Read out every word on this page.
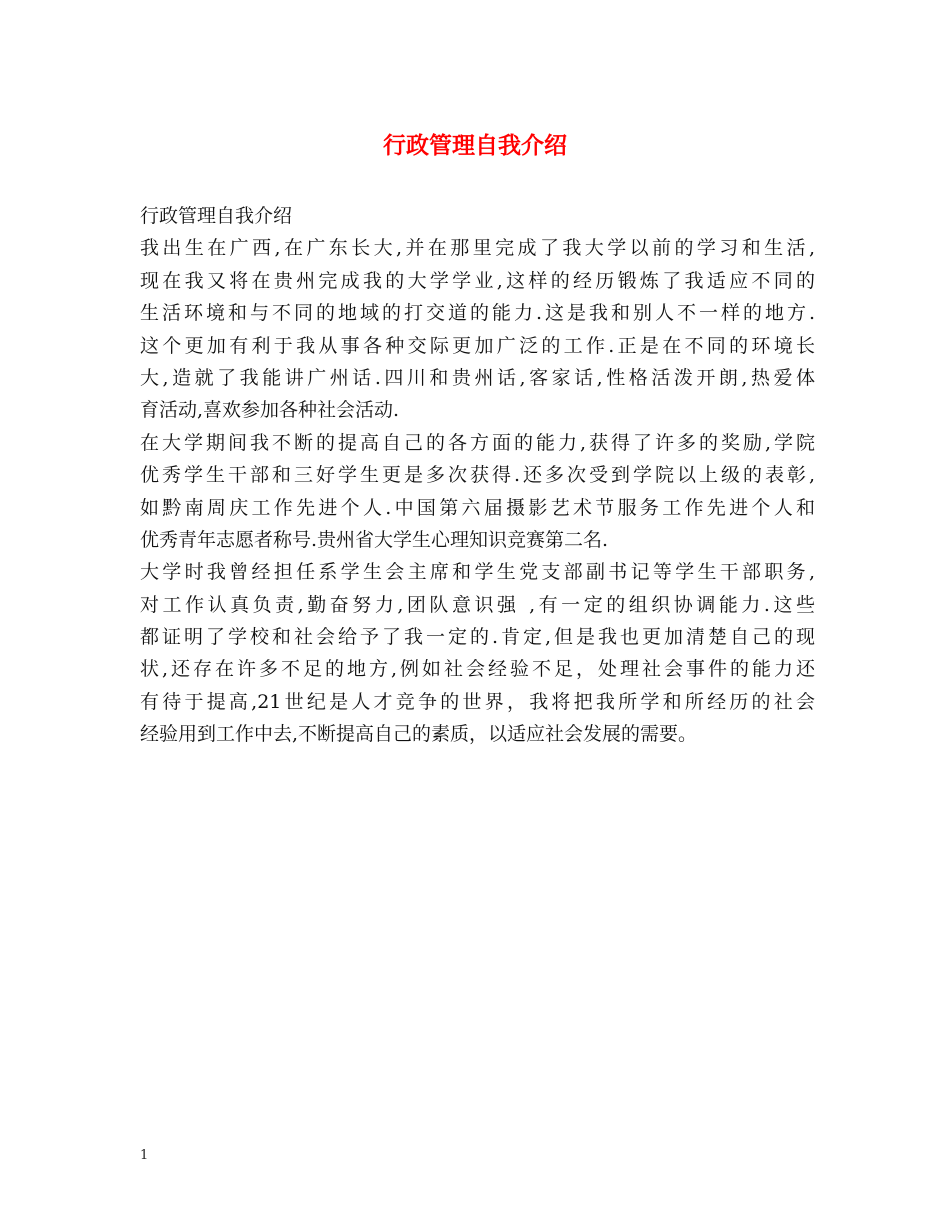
行政管理自我介绍
行政管理自我介绍
我出生在广西,在广东长大,并在那里完成了我大学以前的学习和生活,
现在我又将在贵州完成我的大学学业,这样的经历锻炼了我适应不同的
生活环境和与不同的地域的打交道的能力.这是我和别人不一样的地方.
这个更加有利于我从事各种交际更加广泛的工作.正是在不同的环境长
大,造就了我能讲广州话.四川和贵州话,客家话,性格活泼开朗,热爱体
育活动,喜欢参加各种社会活动.
在大学期间我不断的提高自己的各方面的能力,获得了许多的奖励,学院
优秀学生干部和三好学生更是多次获得.还多次受到学院以上级的表彰,
如黔南周庆工作先进个人.中国第六届摄影艺术节服务工作先进个人和
优秀青年志愿者称号.贵州省大学生心理知识竞赛第二名.
大学时我曾经担任系学生会主席和学生党支部副书记等学生干部职务,
对工作认真负责,勤奋努力,团队意识强 ,有一定的组织协调能力.这些
都证明了学校和社会给予了我一定的.肯定,但是我也更加清楚自己的现
状,还存在许多不足的地方,例如社会经验不足，处理社会事件的能力还
有待于提高,21世纪是人才竞争的世界，我将把我所学和所经历的社会
经验用到工作中去,不断提高自己的素质，以适应社会发展的需要。
1
